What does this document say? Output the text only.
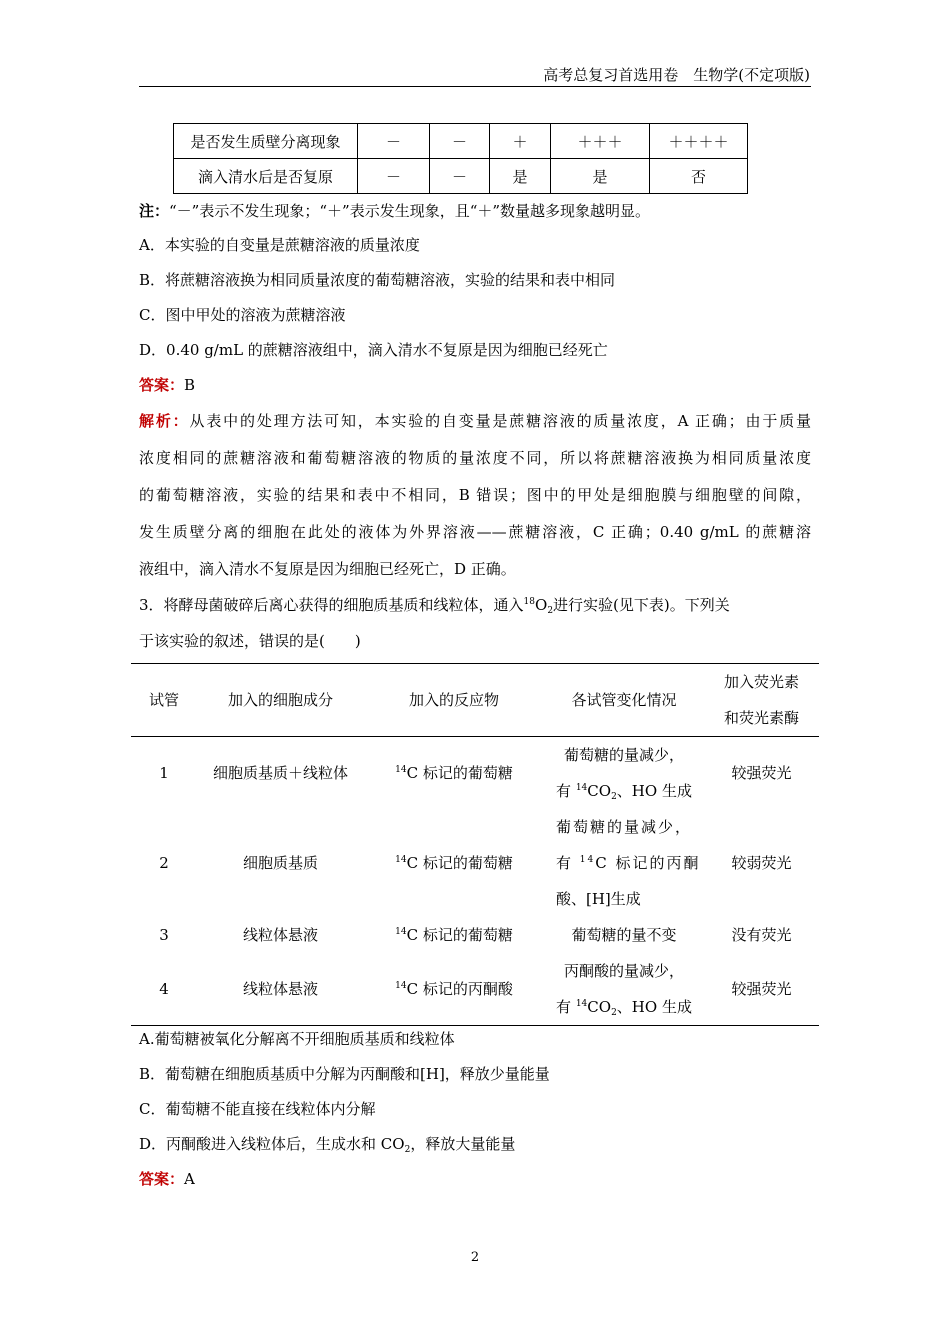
高考总复习首选用卷　生物学(不定项版)
是否发生质壁分离现象	－	－	＋	＋＋＋	＋＋＋＋
滴入清水后是否复原	－	－	是	是	否
注：“－”表示不发生现象；“＋”表示发生现象，且“＋”数量越多现象越明显。
A．本实验的自变量是蔗糖溶液的质量浓度
B．将蔗糖溶液换为相同质量浓度的葡萄糖溶液，实验的结果和表中相同
C．图中甲处的溶液为蔗糖溶液
D．0.40 g/mL 的蔗糖溶液组中，滴入清水不复原是因为细胞已经死亡
答案：B
解析：从表中的处理方法可知，本实验的自变量是蔗糖溶液的质量浓度，A 正确；由于质量
浓度相同的蔗糖溶液和葡萄糖溶液的物质的量浓度不同，所以将蔗糖溶液换为相同质量浓度
的葡萄糖溶液，实验的结果和表中不相同，B 错误；图中的甲处是细胞膜与细胞壁的间隙，
发生质壁分离的细胞在此处的液体为外界溶液——蔗糖溶液，C 正确；0.40 g/mL 的蔗糖溶
液组中，滴入清水不复原是因为细胞已经死亡，D 正确。
3．将酵母菌破碎后离心获得的细胞质基质和线粒体，通入$^{18}O_2$进行实验(见下表)。下列关
于该实验的叙述，错误的是(　　)
试管	加入的细胞成分	加入的反应物	各试管变化情况	加入荧光素
和荧光素酶

1	细胞质基质＋线粒体	$^{14}$C 标记的葡萄糖	葡萄糖的量减少，
有 $^{14}CO_2$、HO 生成	较强荧光
2	细胞质基质	$^{14}$C 标记的葡萄糖	葡萄糖的量减少，
有 $^{14}$C 标记的丙酮
酸、[H]生成	较弱荧光
3	线粒体悬液	$^{14}$C 标记的葡萄糖	葡萄糖的量不变	没有荧光
4	线粒体悬液	$^{14}$C 标记的丙酮酸	丙酮酸的量减少，
有 $^{14}CO_2$、HO 生成	较强荧光
A.葡萄糖被氧化分解离不开细胞质基质和线粒体
B．葡萄糖在细胞质基质中分解为丙酮酸和[H]，释放少量能量
C．葡萄糖不能直接在线粒体内分解
D．丙酮酸进入线粒体后，生成水和 $CO_2$，释放大量能量
答案：A
2
